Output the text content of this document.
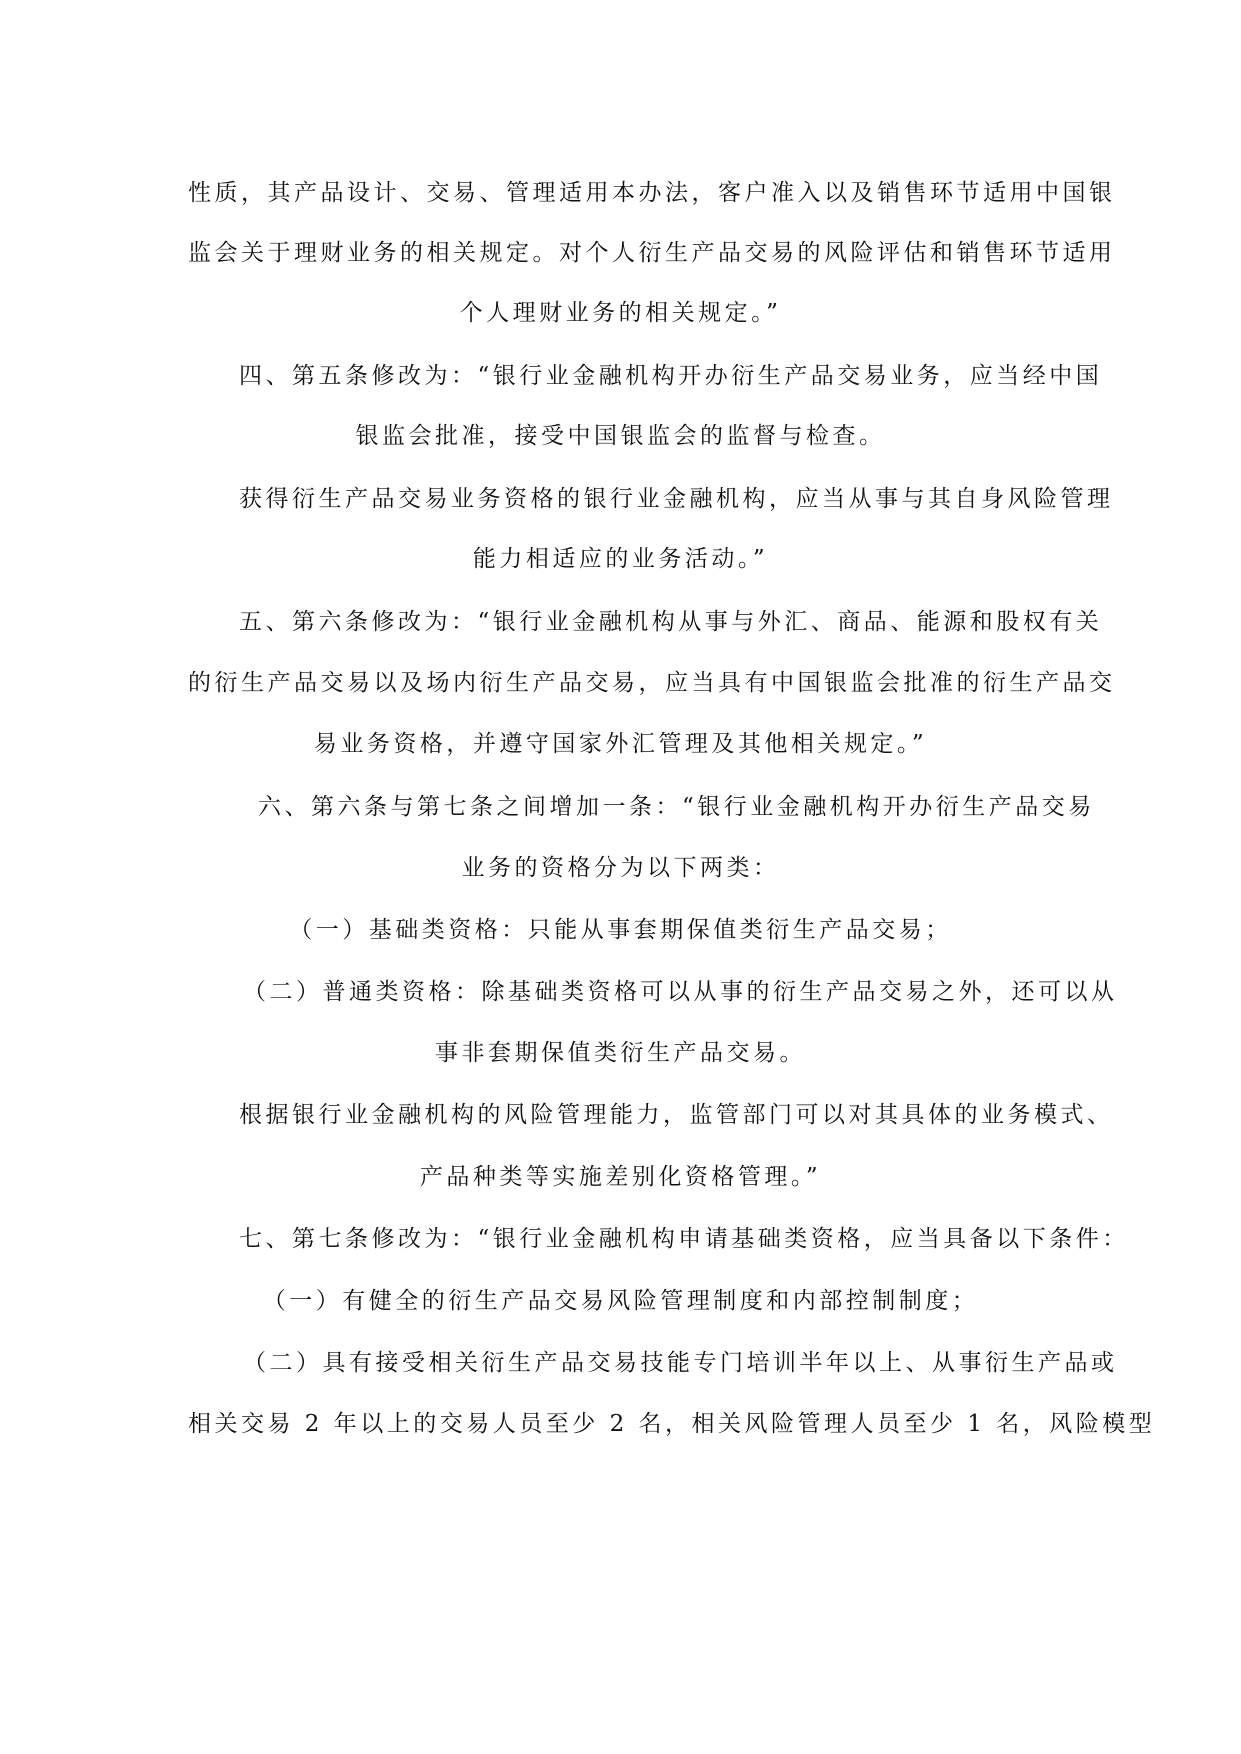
性质，其产品设计、交易、管理适用本办法，客户准入以及销售环节适用中国银
监会关于理财业务的相关规定。对个人衍生产品交易的风险评估和销售环节适用
个人理财业务的相关规定。”
四、第五条修改为：“银行业金融机构开办衍生产品交易业务，应当经中国
银监会批准，接受中国银监会的监督与检查。
获得衍生产品交易业务资格的银行业金融机构，应当从事与其自身风险管理
能力相适应的业务活动。”
五、第六条修改为：“银行业金融机构从事与外汇、商品、能源和股权有关
的衍生产品交易以及场内衍生产品交易，应当具有中国银监会批准的衍生产品交
易业务资格，并遵守国家外汇管理及其他相关规定。”
六、第六条与第七条之间增加一条：“银行业金融机构开办衍生产品交易
业务的资格分为以下两类：
（一）基础类资格：只能从事套期保值类衍生产品交易；
（二）普通类资格：除基础类资格可以从事的衍生产品交易之外，还可以从
事非套期保值类衍生产品交易。
根据银行业金融机构的风险管理能力，监管部门可以对其具体的业务模式、
产品种类等实施差别化资格管理。”
七、第七条修改为：“银行业金融机构申请基础类资格，应当具备以下条件：
（一）有健全的衍生产品交易风险管理制度和内部控制制度；
（二）具有接受相关衍生产品交易技能专门培训半年以上、从事衍生产品或
相关交易 2 年以上的交易人员至少 2 名，相关风险管理人员至少 1 名，风险模型
